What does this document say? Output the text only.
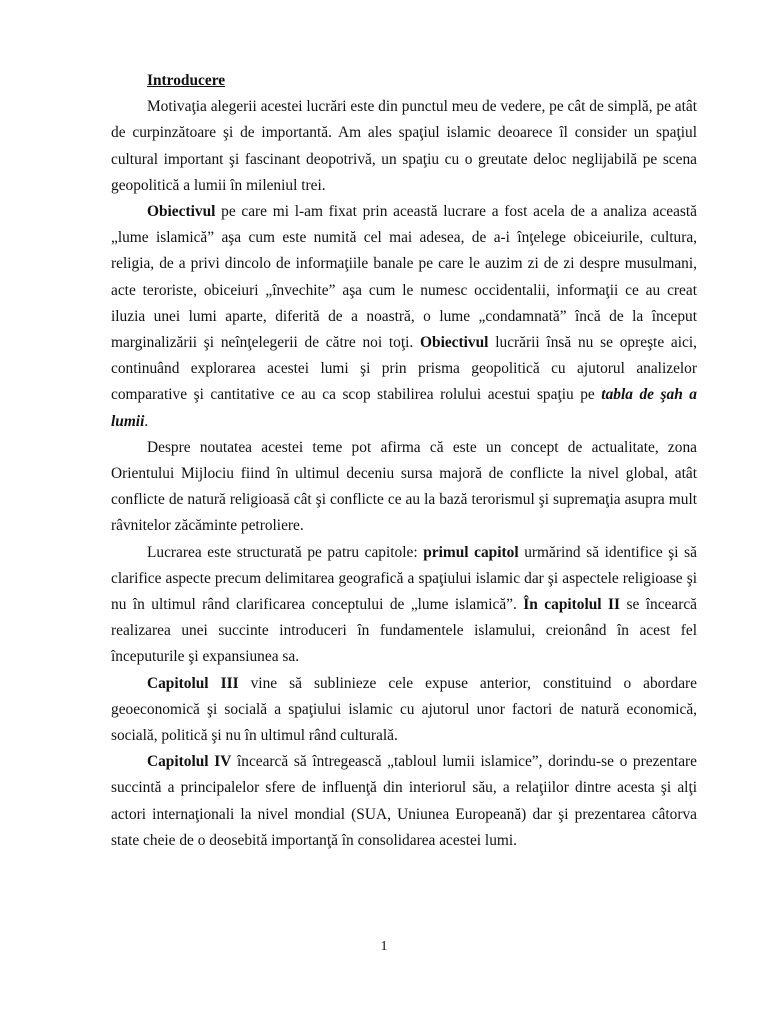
Introducere

Motivaţia alegerii acestei lucrări este din punctul meu de vedere, pe cât de simplă, pe atât de curpinzătoare şi de importantă. Am ales spaţiul islamic deoarece îl consider un spaţiul cultural important şi fascinant deopotrivă, un spaţiu cu o greutate deloc neglijabilă pe scena geopolitică a lumii în mileniul trei.

Obiectivul pe care mi l-am fixat prin această lucrare a fost acela de a analiza această „lume islamică” aşa cum este numită cel mai adesea, de a-i înţelege obiceiurile, cultura, religia, de a privi dincolo de informaţiile banale pe care le auzim zi de zi despre musulmani, acte teroriste, obiceiuri „învechite” aşa cum le numesc occidentalii, informaţii ce au creat iluzia unei lumi aparte, diferită de a noastră, o lume „condamnată” încă de la început marginalizării şi neînţelegerii de către noi toţi. Obiectivul lucrării însă nu se opreşte aici, continuând explorarea acestei lumi şi prin prisma geopolitică cu ajutorul analizelor comparative şi cantitative ce au ca scop stabilirea rolului acestui spaţiu pe tabla de şah a lumii.

Despre noutatea acestei teme pot afirma că este un concept de actualitate, zona Orientului Mijlociu fiind în ultimul deceniu sursa majoră de conflicte la nivel global, atât conflicte de natură religioasă cât şi conflicte ce au la bază terorismul şi supremaţia asupra mult râvnitelor zăcăminte petroliere.

Lucrarea este structurată pe patru capitole: primul capitol urmărind să identifice şi să clarifice aspecte precum delimitarea geografică a spaţiului islamic dar şi aspectele religioase şi nu în ultimul rând clarificarea conceptului de „lume islamică”. În capitolul II se încearcă realizarea unei succinte introduceri în fundamentele islamului, creionând în acest fel începuturile şi expansiunea sa.

Capitolul III vine să sublinieze cele expuse anterior, constituind o abordare geoeconomică şi socială a spaţiului islamic cu ajutorul unor factori de natură economică, socială, politică şi nu în ultimul rând culturală.

Capitolul IV încearcă să întregească „tabloul lumii islamice”, dorindu-se o prezentare succintă a principalelor sfere de influenţă din interiorul său, a relaţiilor dintre acesta şi alţi actori internaţionali la nivel mondial (SUA, Uniunea Europeană) dar şi prezentarea câtorva state cheie de o deosebită importanţă în consolidarea acestei lumi.

1
